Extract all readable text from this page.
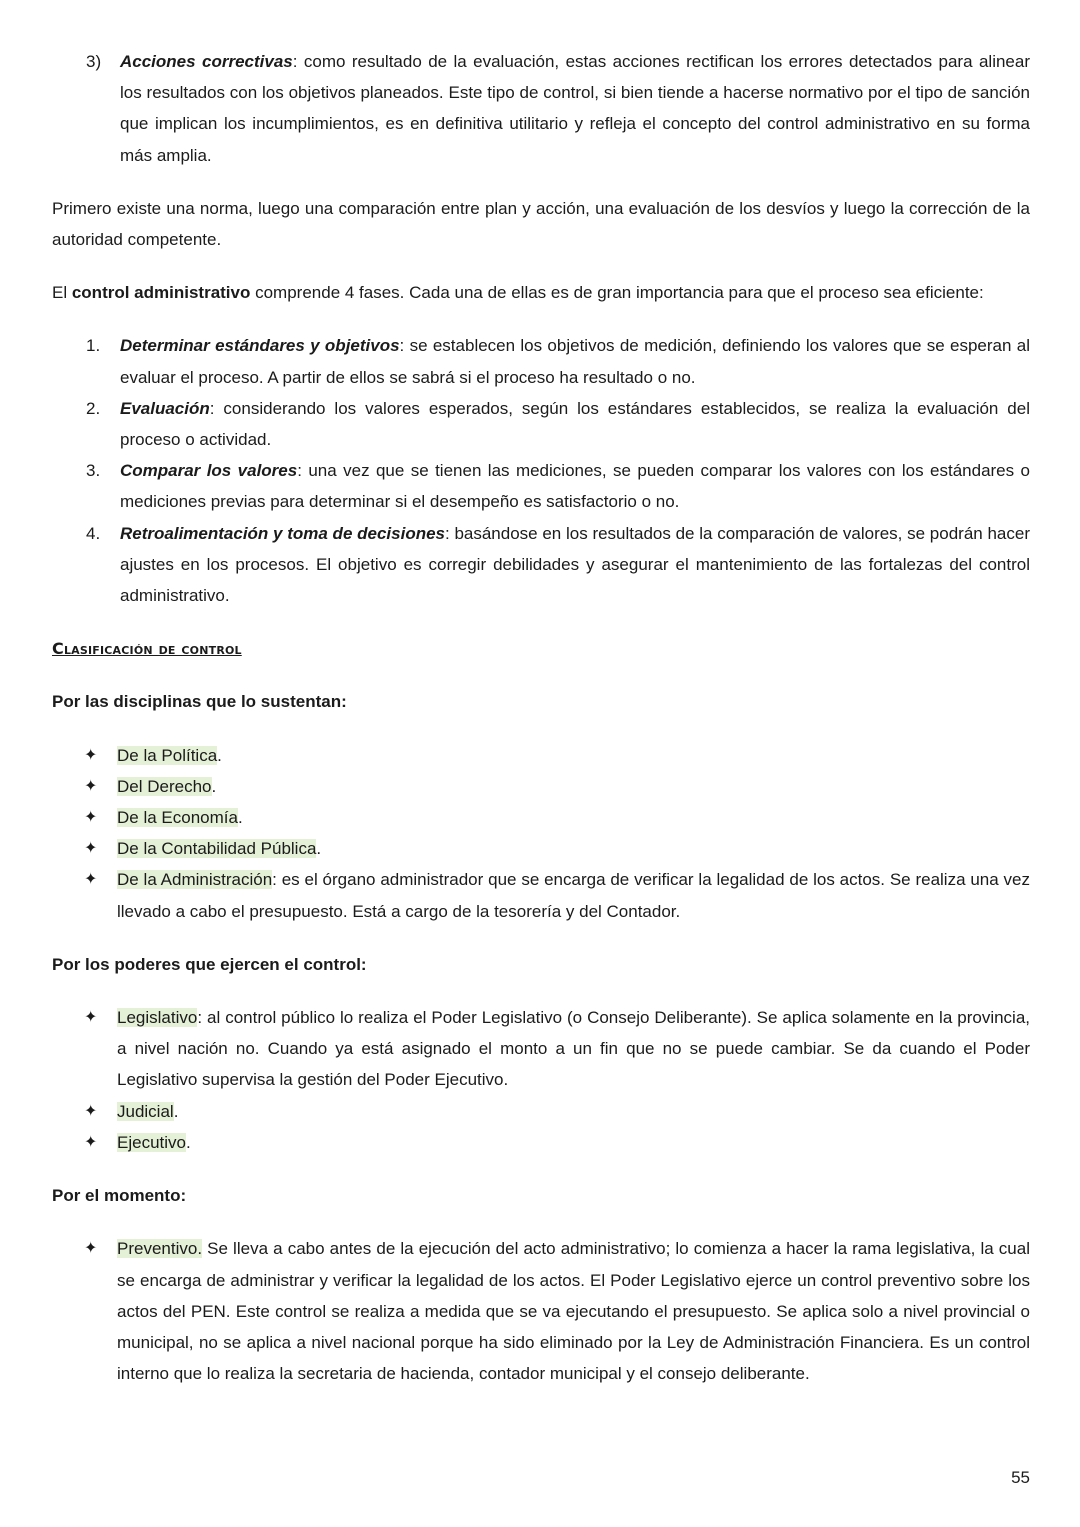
3) Acciones correctivas: como resultado de la evaluación, estas acciones rectifican los errores detectados para alinear los resultados con los objetivos planeados. Este tipo de control, si bien tiende a hacerse normativo por el tipo de sanción que implican los incumplimientos, es en definitiva utilitario y refleja el concepto del control administrativo en su forma más amplia.

Primero existe una norma, luego una comparación entre plan y acción, una evaluación de los desvíos y luego la corrección de la autoridad competente.

El control administrativo comprende 4 fases. Cada una de ellas es de gran importancia para que el proceso sea eficiente:

1. Determinar estándares y objetivos: se establecen los objetivos de medición, definiendo los valores que se esperan al evaluar el proceso. A partir de ellos se sabrá si el proceso ha resultado o no.

2. Evaluación: considerando los valores esperados, según los estándares establecidos, se realiza la evaluación del proceso o actividad.

3. Comparar los valores: una vez que se tienen las mediciones, se pueden comparar los valores con los estándares o mediciones previas para determinar si el desempeño es satisfactorio o no.

4. Retroalimentación y toma de decisiones: basándose en los resultados de la comparación de valores, se podrán hacer ajustes en los procesos. El objetivo es corregir debilidades y asegurar el mantenimiento de las fortalezas del control administrativo.

Clasificación de control
Por las disciplinas que lo sustentan:
✦ De la Política.

✦ Del Derecho.

✦ De la Economía.

✦ De la Contabilidad Pública.

✦ De la Administración: es el órgano administrador que se encarga de verificar la legalidad de los actos. Se realiza una vez llevado a cabo el presupuesto. Está a cargo de la tesorería y del Contador.

Por los poderes que ejercen el control:
✦ Legislativo: al control público lo realiza el Poder Legislativo (o Consejo Deliberante). Se aplica solamente en la provincia, a nivel nación no. Cuando ya está asignado el monto a un fin que no se puede cambiar. Se da cuando el Poder Legislativo supervisa la gestión del Poder Ejecutivo.

✦ Judicial.

✦ Ejecutivo.

Por el momento:
✦ Preventivo. Se lleva a cabo antes de la ejecución del acto administrativo; lo comienza a hacer la rama legislativa, la cual se encarga de administrar y verificar la legalidad de los actos. El Poder Legislativo ejerce un control preventivo sobre los actos del PEN. Este control se realiza a medida que se va ejecutando el presupuesto. Se aplica solo a nivel provincial o municipal, no se aplica a nivel nacional porque ha sido eliminado por la Ley de Administración Financiera. Es un control interno que lo realiza la secretaria de hacienda, contador municipal y el consejo deliberante.

55
